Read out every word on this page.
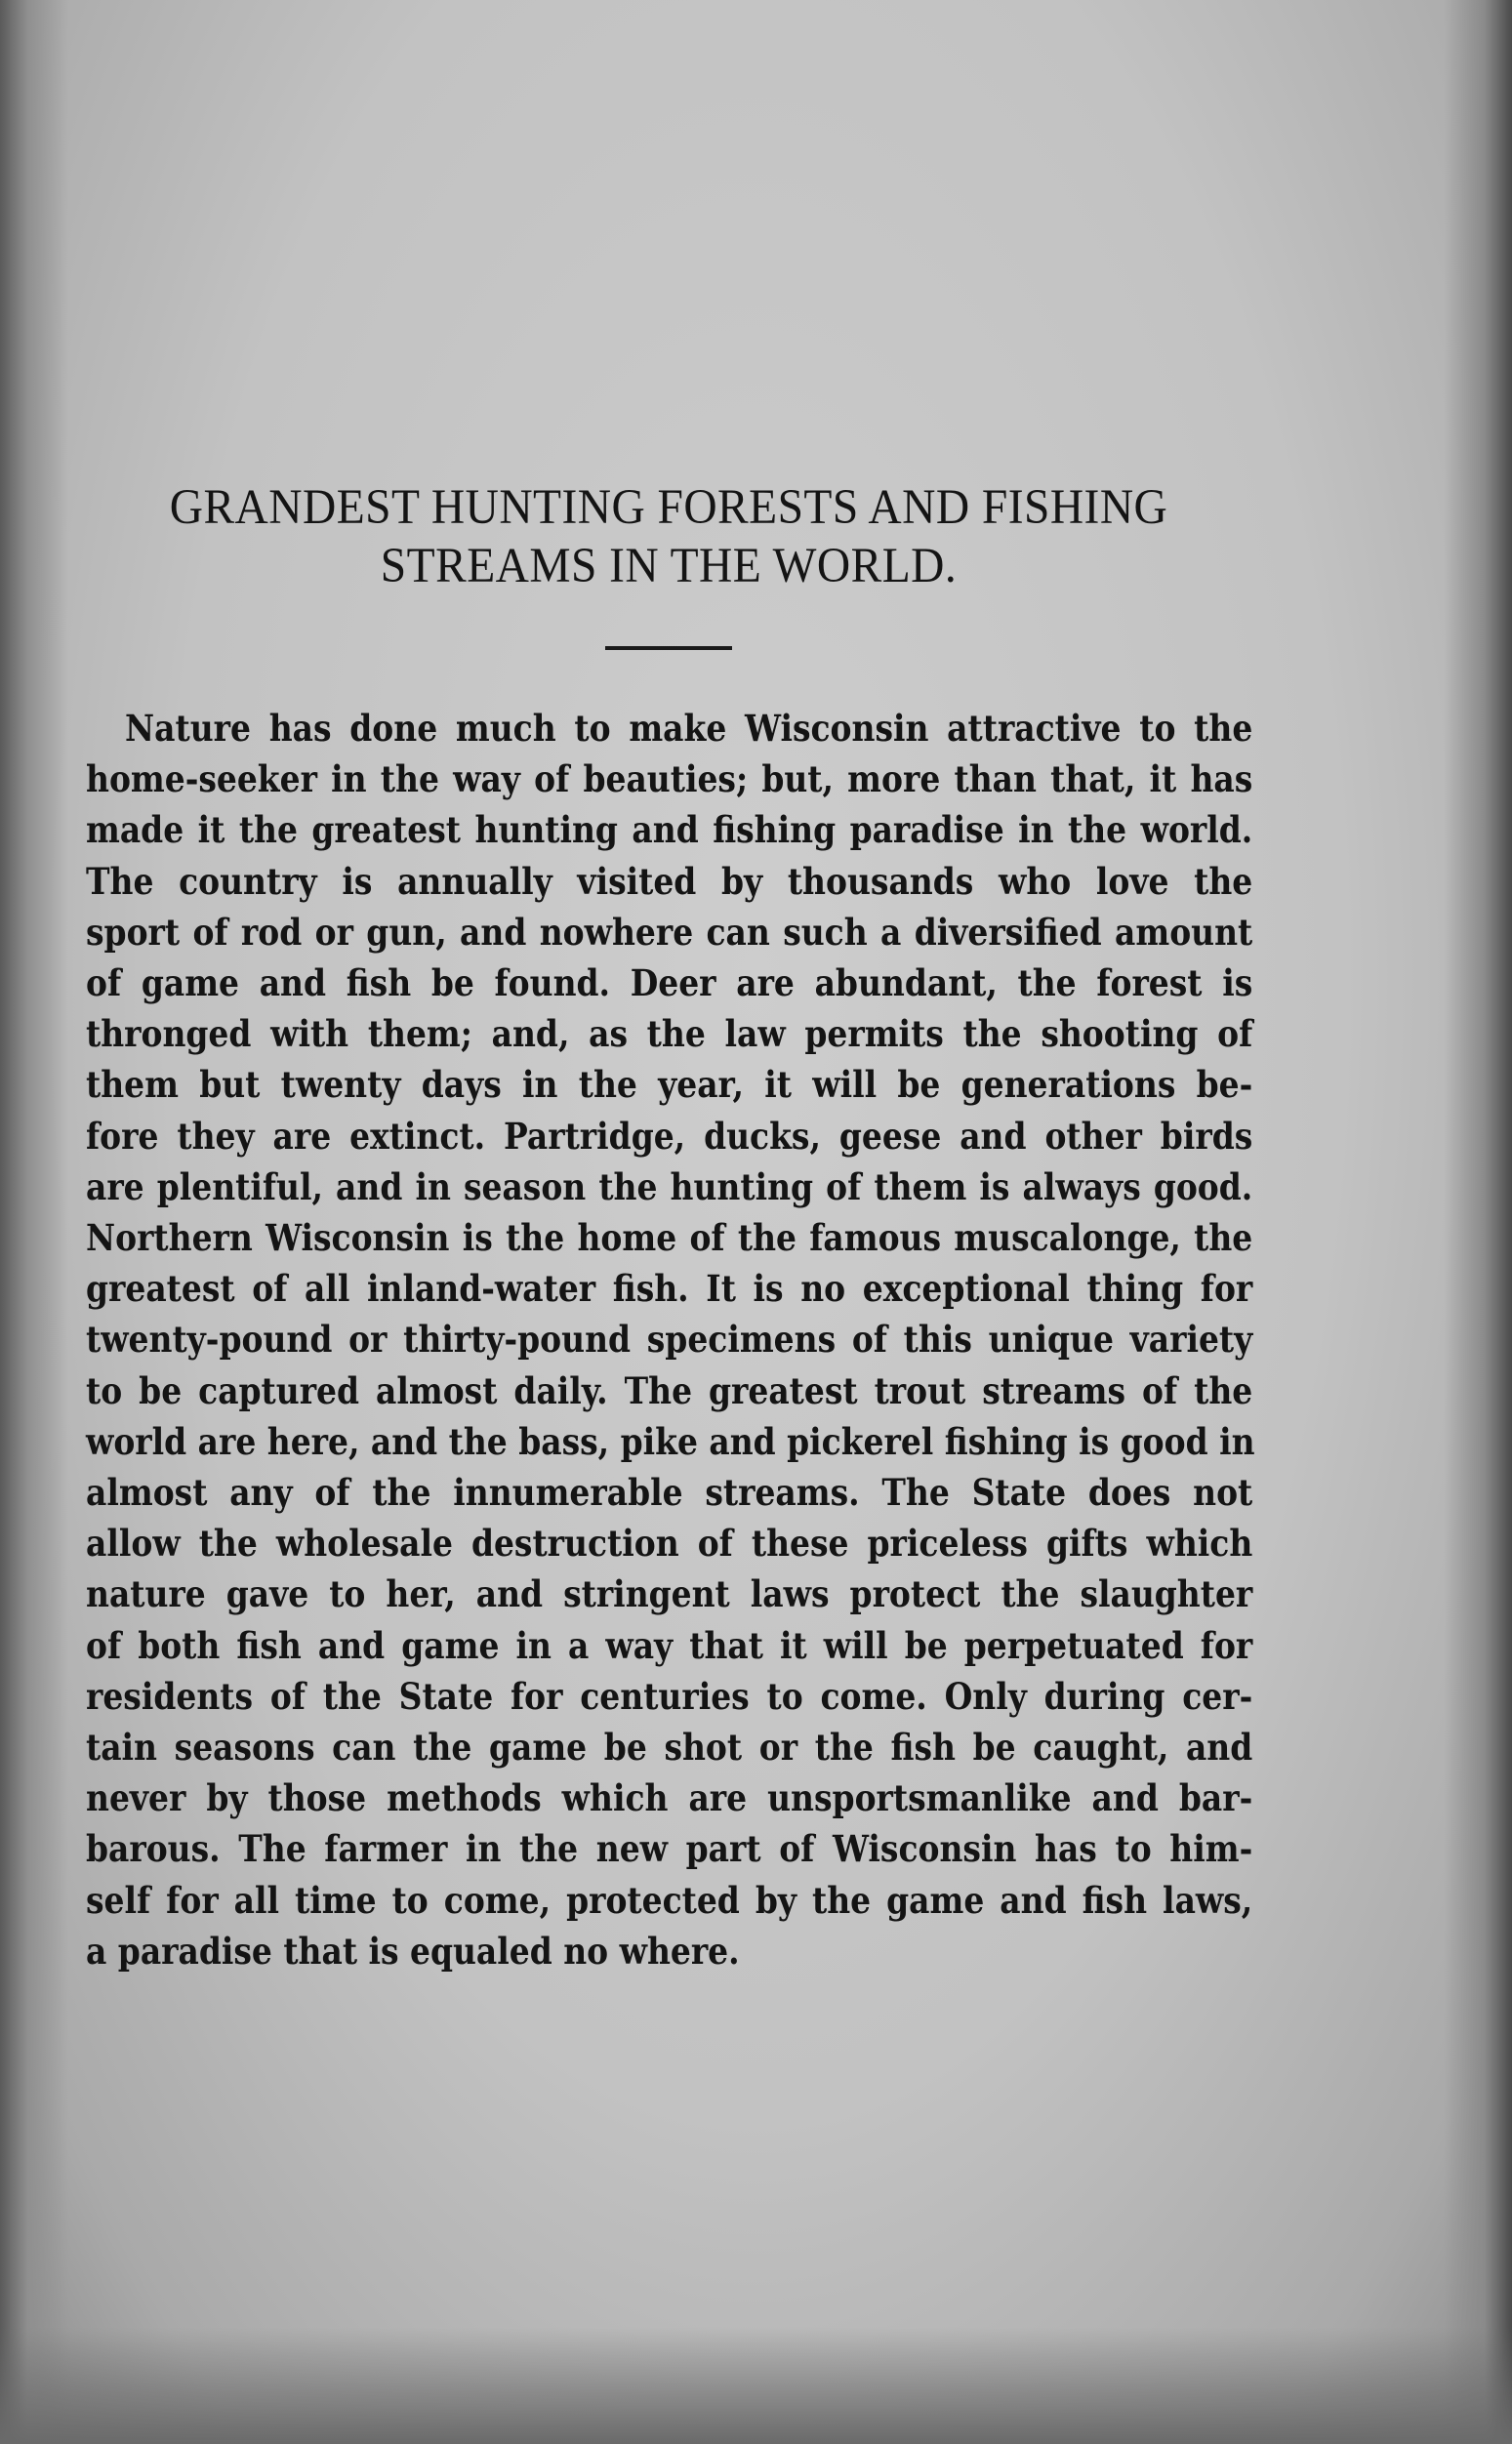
GRANDEST HUNTING FORESTS AND FISHING
STREAMS IN THE WORLD.
Nature has done much to make Wisconsin attractive to the
home-seeker in the way of beauties; but, more than that, it has
made it the greatest hunting and fishing paradise in the world.
The country is annually visited by thousands who love the
sport of rod or gun, and nowhere can such a diversified amount
of game and fish be found. Deer are abundant, the forest is
thronged with them; and, as the law permits the shooting of
them but twenty days in the year, it will be generations be-
fore they are extinct. Partridge, ducks, geese and other birds
are plentiful, and in season the hunting of them is always good.
Northern Wisconsin is the home of the famous muscalonge, the
greatest of all inland-water fish. It is no exceptional thing for
twenty-pound or thirty-pound specimens of this unique variety
to be captured almost daily. The greatest trout streams of the
world are here, and the bass, pike and pickerel fishing is good in
almost any of the innumerable streams. The State does not
allow the wholesale destruction of these priceless gifts which
nature gave to her, and stringent laws protect the slaughter
of both fish and game in a way that it will be perpetuated for
residents of the State for centuries to come. Only during cer-
tain seasons can the game be shot or the fish be caught, and
never by those methods which are unsportsmanlike and bar-
barous. The farmer in the new part of Wisconsin has to him-
self for all time to come, protected by the game and fish laws,
a paradise that is equaled no where.
